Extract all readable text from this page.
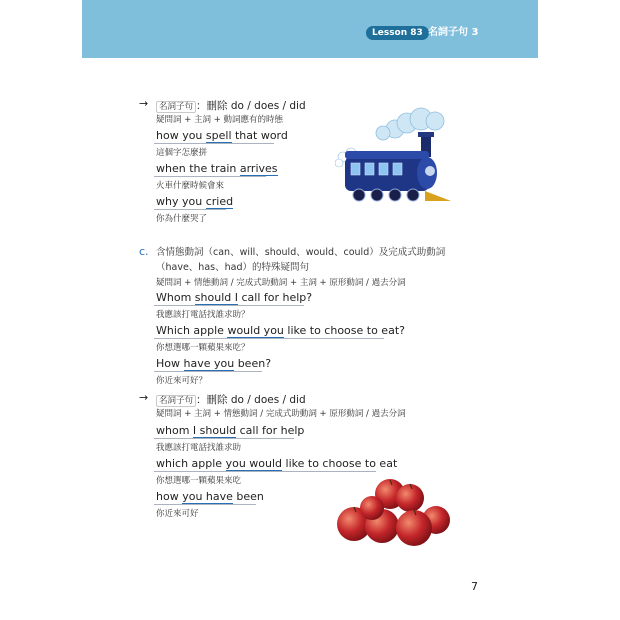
Lesson 83 名詞子句 3
→	名詞子句 ：刪除 do / does / did
疑問詞 + 主詞 + 動詞應有的時態
how you spell that word
這個字怎麼拼
when the train arrives
火車什麼時候會來
why you cried
你為什麼哭了
c. 含情態動詞（can、will、should、would、could）及完成式助動詞
（have、has、had）的特殊疑問句
疑問詞 + 情態動詞 / 完成式助動詞 + 主詞 + 原形動詞 / 過去分詞
Whom should I call for help?
我應該打電話找誰求助？
Which apple would you like to choose to eat?
你想選哪一顆蘋果來吃？
How have you been?
你近來可好？
→	名詞子句 ：刪除 do / does / did
疑問詞 + 主詞 + 情態動詞 / 完成式助動詞 + 原形動詞 / 過去分詞
whom I should call for help
我應該打電話找誰求助
which apple you would like to choose to eat
你想選哪一顆蘋果來吃
how you have been
你近來可好
7
